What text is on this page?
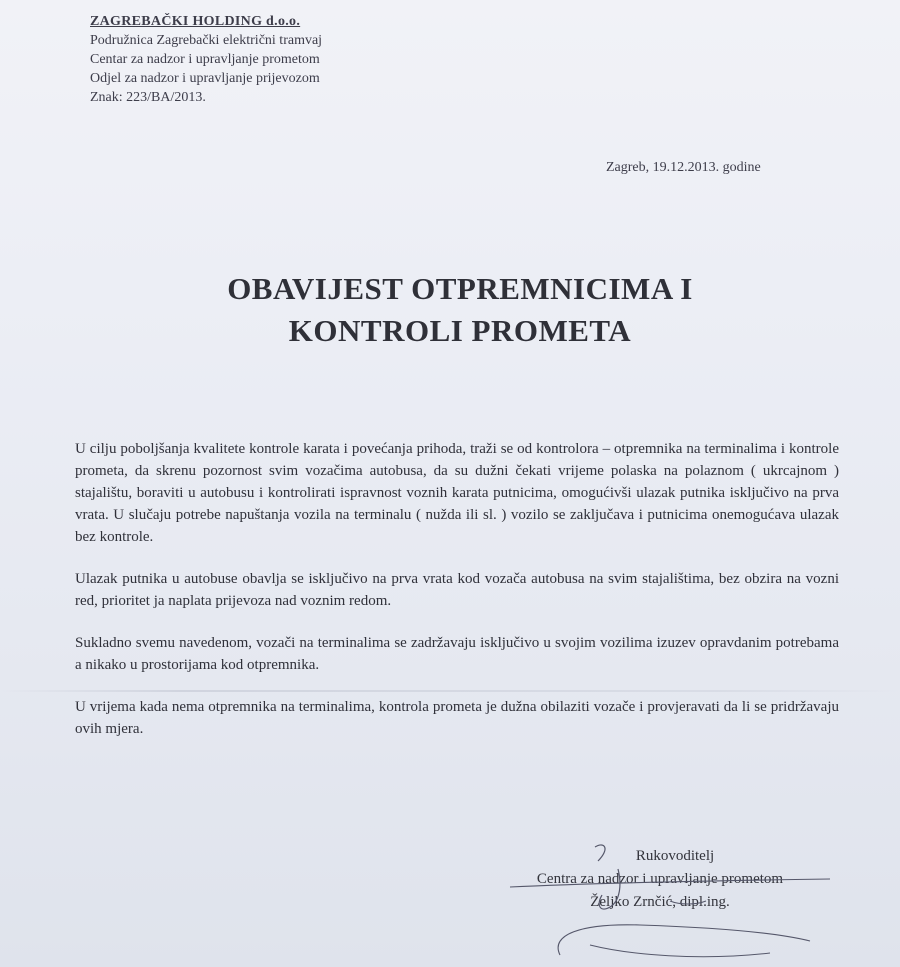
ZAGREBAČKI HOLDING d.o.o.
Podružnica Zagrebački električni tramvaj
Centar za nadzor i upravljanje prometom
Odjel za nadzor i upravljanje prijevozom
Znak: 223/BA/2013.
Zagreb, 19.12.2013. godine
OBAVIJEST OTPREMNICIMA I
KONTROLI PROMETA

U cilju poboljšanja kvalitete kontrole karata i povećanja prihoda, traži se od kontrolora – otpremnika na terminalima i kontrole prometa, da skrenu pozornost svim vozačima autobusa, da su dužni čekati vrijeme polaska na polaznom ( ukrcajnom ) stajalištu, boraviti u autobusu i kontrolirati ispravnost voznih karata putnicima, omogućivši ulazak putnika isključivo na prva vrata. U slučaju potrebe napuštanja vozila na terminalu ( nužda ili sl. ) vozilo se zaključava i putnicima onemogućava ulazak bez kontrole.

Ulazak putnika u autobuse obavlja se isključivo na prva vrata kod vozača autobusa na svim stajalištima, bez obzira na vozni red, prioritet ja naplata prijevoza nad voznim redom.

Sukladno svemu navedenom, vozači na terminalima se zadržavaju isključivo u svojim vozilima izuzev opravdanim potrebama a nikako u prostorijama kod otpremnika.

U vrijema kada nema otpremnika na terminalima, kontrola prometa je dužna obilaziti vozače i provjeravati da li se pridržavaju ovih mjera.

Rukovoditelj
Centra za nadzor i upravljanje prometom
Željko Zrnčić, dipl.ing.
